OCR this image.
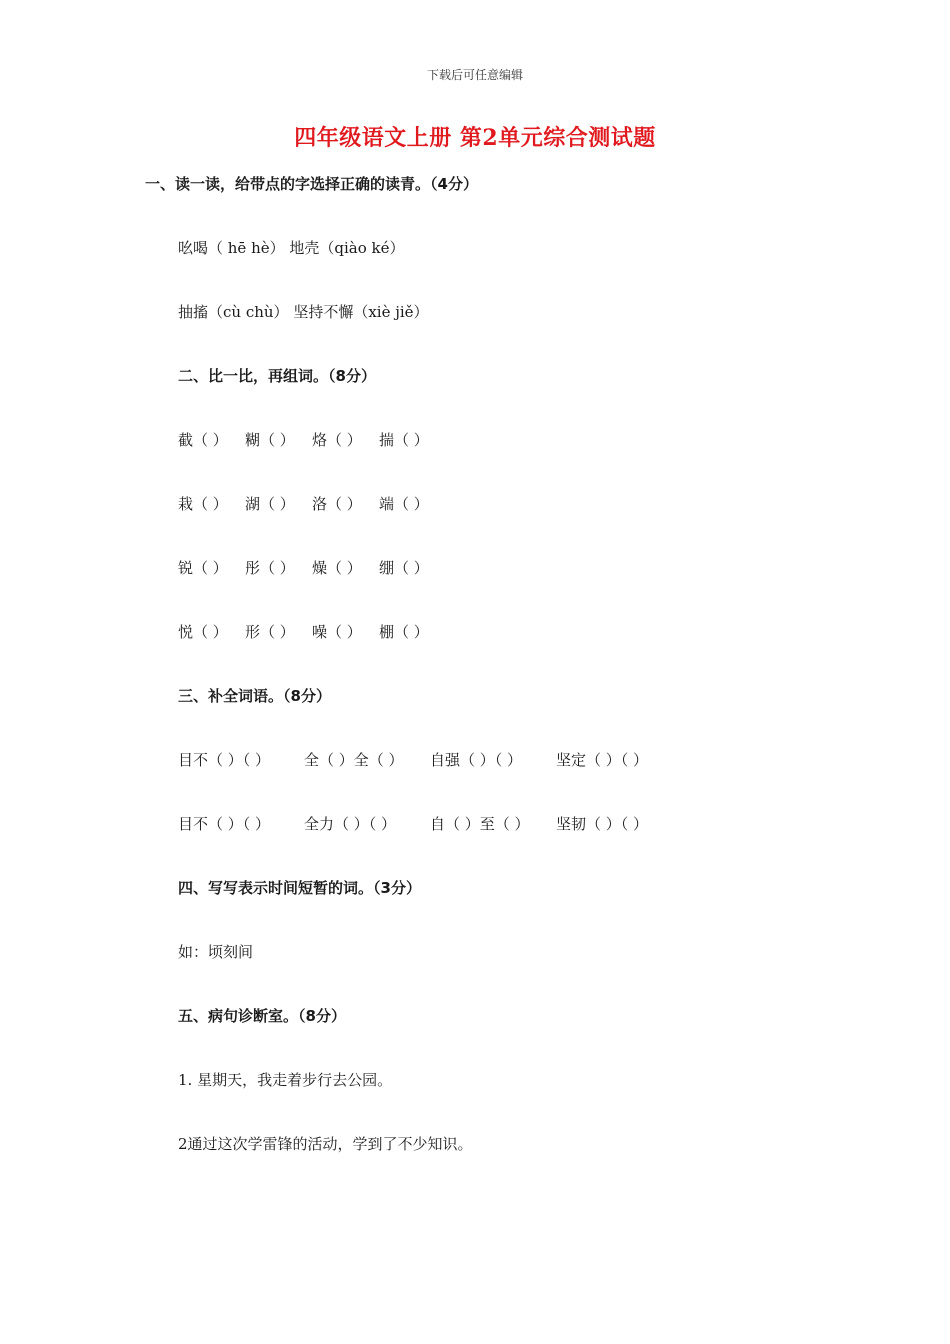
下载后可任意编辑
四年级语文上册 第2单元综合测试题
一、读一读，给带点的字选择正确的读青。（4分）
吆喝（ hē hè） 地壳（qiào ké）
抽搐（cù chù） 坚持不懈（xiè jiě）
二、比一比，再组词。（8分）
截（ ）	糊（ ）	烙（ ）	揣（ ）
栽（ ）	湖（ ）	洛（ ）	端（ ）
锐（ ）	彤（ ）	燥（ ）	绷（ ）
悦（ ）	形（ ）	噪（ ）	棚（ ）
三、补全词语。（8分）
目不（ ）（ ）	全（ ）全（ ）	自强（ ）（ ）	坚定（ ）（ ）
目不（ ）（ ）	全力（ ）（ ）	自（ ）至（ ）	坚韧（ ）（ ）
四、写写表示时间短暂的词。（3分）
如：顷刻间
五、病句诊断室。（8分）
1. 星期天，我走着步行去公园。
2通过这次学雷锋的活动，学到了不少知识。
